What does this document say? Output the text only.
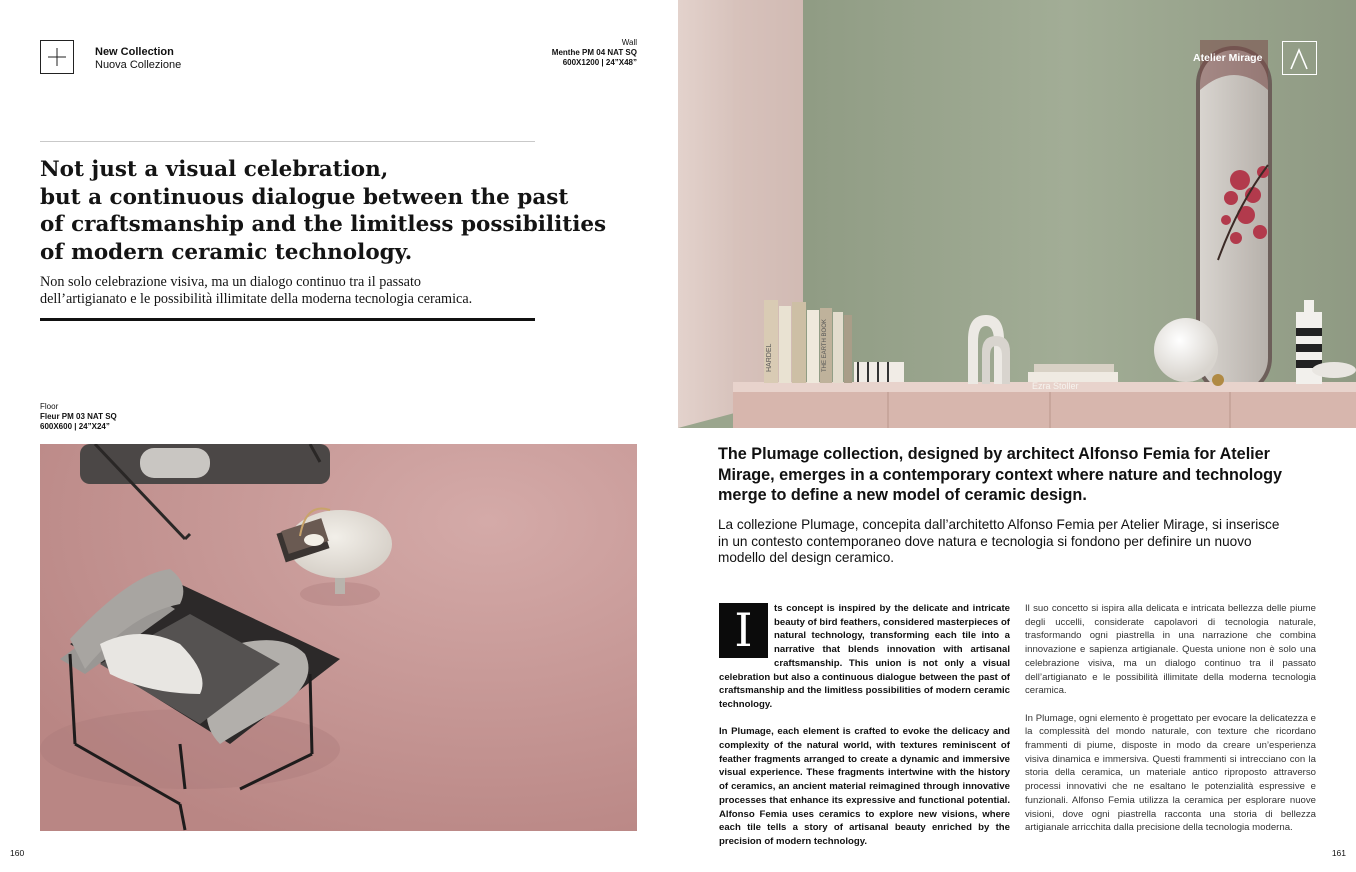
New Collection
Nuova Collezione
Wall
Menthe PM 04 NAT SQ
600X1200 | 24”X48”
Not just a visual celebration,
but a continuous dialogue between the past
of craftsmanship and the limitless possibilities
of modern ceramic technology.

Non solo celebrazione visiva, ma un dialogo continuo tra il passato
dell’artigianato e le possibilità illimitate della moderna tecnologia ceramica.

Floor
Fleur PM 03 NAT SQ
600X600 | 24”X24”
160
HARDEL	THE EARTH BOOK
Ezra Stoller
Atelier Mirage
The Plumage collection, designed by architect Alfonso Femia for Atelier
Mirage, emerges in a contemporary context where nature and technology
merge to define a new model of ceramic design.

La collezione Plumage, concepita dall’architetto Alfonso Femia per Atelier Mirage, si inserisce
in un contesto contemporaneo dove natura e tecnologia si fondono per definire un nuovo
modello del design ceramico.

I	ts concept is inspired by the delicate and intricate beauty of bird feathers, considered masterpieces of natural technology, transforming each tile into a narrative that blends innovation with artisanal craftsmanship. This union is not only a visual celebration but also a continuous dialogue between the past of craftsmanship and the limitless possibilities of modern ceramic technology.

In Plumage, each element is crafted to evoke the delicacy and complexity of the natural world, with textures reminiscent of feather fragments arranged to create a dynamic and immersive visual experience. These fragments intertwine with the history of ceramics, an ancient material reimagined through innovative processes that enhance its expressive and functional potential. Alfonso Femia uses ceramics to explore new visions, where each tile tells a story of artisanal beauty enriched by the precision of modern technology.

Il suo concetto si ispira alla delicata e intricata bellezza delle piume degli uccelli, considerate capolavori di tecnologia naturale, trasformando ogni piastrella in una narrazione che combina innovazione e sapienza artigianale. Questa unione non è solo una celebrazione visiva, ma un dialogo continuo tra il passato dell’artigianato e le possibilità illimitate della moderna tecnologia ceramica.

In Plumage, ogni elemento è progettato per evocare la delicatezza e la complessità del mondo naturale, con texture che ricordano frammenti di piume, disposte in modo da creare un’esperienza visiva dinamica e immersiva. Questi frammenti si intrecciano con la storia della ceramica, un materiale antico riproposto attraverso processi innovativi che ne esaltano le potenzialità espressive e funzionali. Alfonso Femia utilizza la ceramica per esplorare nuove visioni, dove ogni piastrella racconta una storia di bellezza artigianale arricchita dalla precisione della tecnologia moderna.

161
